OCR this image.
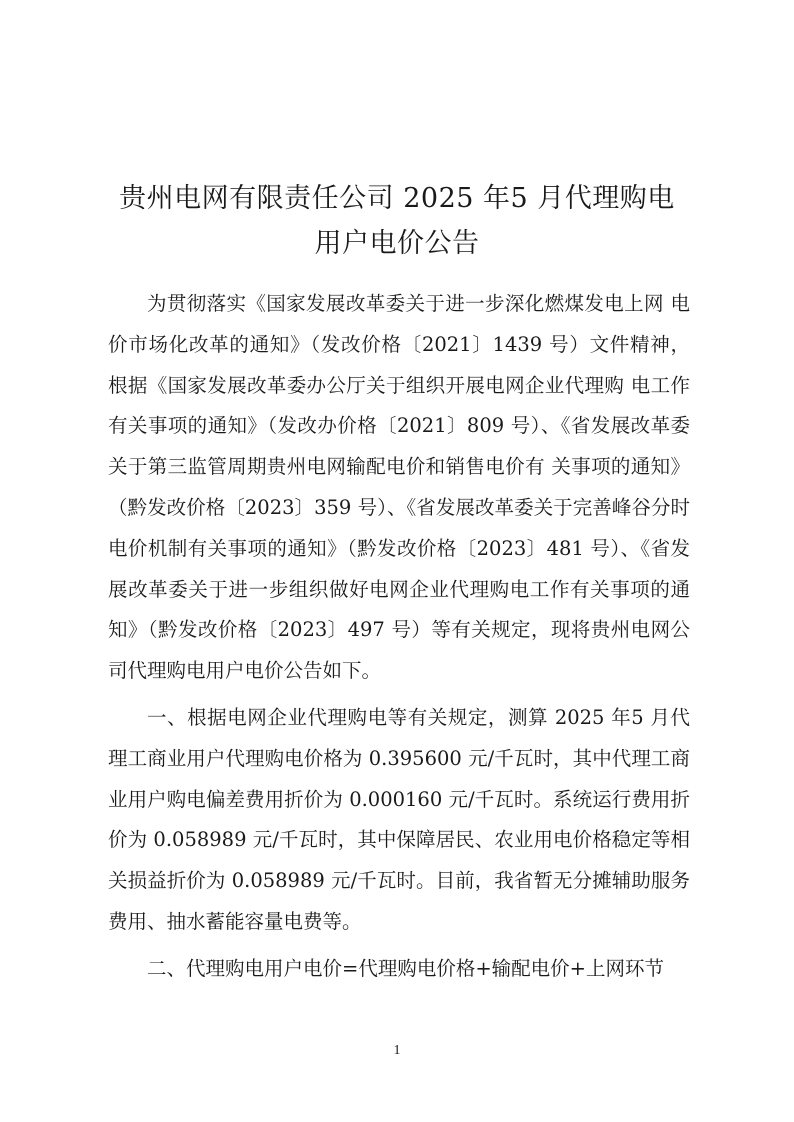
贵州电网有限责任公司 2025 年5 月代理购电
用户电价公告

为贯彻落实《国家发展改革委关于进一步深化燃煤发电上网 电价市场化改革的通知》（发改价格〔2021〕1439 号）文件精神，根据《国家发展改革委办公厅关于组织开展电网企业代理购 电工作有关事项的通知》（发改办价格〔2021〕809 号）、《省发展改革委关于第三监管周期贵州电网输配电价和销售电价有 关事项的通知》（黔发改价格〔2023〕359 号）、《省发展改革委关于完善峰谷分时电价机制有关事项的通知》（黔发改价格〔2023〕481 号）、《省发展改革委关于进一步组织做好电网企业代理购电工作有关事项的通知》（黔发改价格〔2023〕497 号）等有关规定，现将贵州电网公司代理购电用户电价公告如下。

一、根据电网企业代理购电等有关规定，测算 2025 年5 月代理工商业用户代理购电价格为 0.395600 元/千瓦时，其中代理工商业用户购电偏差费用折价为 0.000160 元/千瓦时。系统运行费用折价为 0.058989 元/千瓦时，其中保障居民、农业用电价格稳定等相关损益折价为 0.058989 元/千瓦时。目前，我省暂无分摊辅助服务费用、抽水蓄能容量电费等。

二、代理购电用户电价=代理购电价格+输配电价+上网环节

1
